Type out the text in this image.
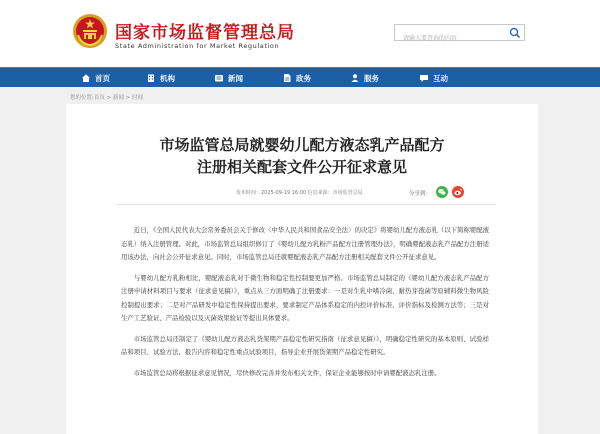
国家市场监督管理总局
State Administration for Market Regulation
请输入要查询的内容
首页	机构	新闻	政务	服务	互动
您的位置:首页 > 新闻 > 时闻
市场监管总局就婴幼儿配方液态乳产品配方
注册相关配套文件公开征求意见
发布时间：2025-09-19 16:00 信息来源：市场监管总局	分享到：

近日，《全国人民代表大会常务委员会关于修改〈中华人民共和国食品安全法〉的决定》将婴幼儿配方液态乳（以下简称婴配液态乳）纳入注册管理。对此，市场监管总局组织修订了《婴幼儿配方乳粉产品配方注册管理办法》，明确婴配液态乳产品配方注册适用该办法，向社会公开征求意见。同时，市场监管总局还就婴配液态乳产品配方注册相关配套文件公开征求意见。

与婴幼儿配方乳粉相比，婴配液态乳对于微生物和稳定性控制要更加严格。市场监管总局制定的《婴幼儿配方液态乳产品配方注册申请材料项目与要求（征求意见稿）》，重点从三方面明确了注册要求：一是对生乳中嗜冷菌、耐热芽孢菌等原辅料微生物风险控制提出要求；二是对产品研发中稳定性保持提出要求，要求制定产品体系稳定的内控评价标准、评价指标及检测方法等；三是对生产工艺验证、产品检验以及灭菌效果验证等提出具体要求。

市场监管总局还制定了《婴幼儿配方液态乳货架期产品稳定性研究指南（征求意见稿）》，明确稳定性研究的基本原则、试验样品和项目、试验方法、报告内容和稳定性重点试验项目，指导企业开展货架期产品稳定性研究。

市场监管总局将根据征求意见情况，尽快修改完善并发布相关文件，保证企业能够按时申请婴配液态乳注册。
